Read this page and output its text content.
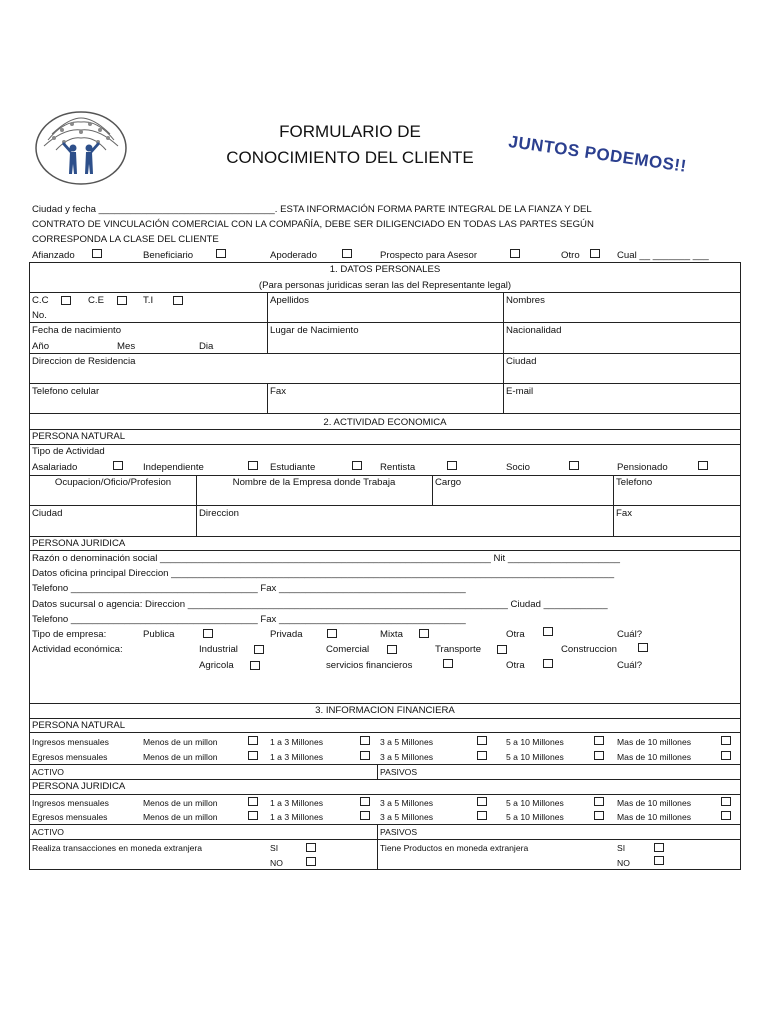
FORMULARIO DE
CONOCIMIENTO DEL CLIENTE	JUNTOS PODEMOS!!
Ciudad y fecha _________________________________. ESTA INFORMACIÓN FORMA PARTE INTEGRAL DE LA FIANZA Y DEL
CONTRATO DE VINCULACIÓN COMERCIAL CON LA COMPAÑÍA, DEBE SER DILIGENCIADO EN TODAS LAS PARTES SEGÚN
CORRESPONDA LA CLASE DEL CLIENTE
Afianzado	Beneficiario	Apoderado	Prospecto para Asesor	Otro	Cual __ _______ ___
1. DATOS PERSONALES
(Para personas juridicas seran las del Representante legal)
C.C	C.E	T.I
No.
Apellidos	Nombres
Fecha de nacimiento
Año	Mes	Dia
Lugar de Nacimiento	Nacionalidad
Direccion de Residencia	Ciudad
Telefono celular	Fax	E-mail
2. ACTIVIDAD ECONOMICA
PERSONA NATURAL
Tipo de Actividad
Asalariado	Independiente	Estudiante	Rentista	Socio	Pensionado
Ocupacion/Oficio/Profesion	Nombre de la Empresa donde Trabaja	Cargo	Telefono
Ciudad	Direccion	Fax
PERSONA JURIDICA
Razón o denominación social ______________________________________________________________ Nit _____________________
Datos oficina principal Direccion ___________________________________________________________________________________
Telefono ___________________________________ Fax ___________________________________
Datos sucursal o agencia: Direccion ____________________________________________________________ Ciudad ____________
Telefono ___________________________________ Fax ___________________________________
Tipo de empresa:	Publica	Privada	Mixta	Otra	Cuál?
Actividad económica:	Industrial	Comercial	Transporte	Construccion
Agricola	servicios financieros	Otra	Cuál?
3. INFORMACION FINANCIERA
PERSONA NATURAL
Ingresos mensuales	Menos de un millon	1 a 3 Millones	3 a 5 Millones	5 a 10 Millones	Mas de 10 millones
Egresos mensuales	Menos de un millon	1 a 3 Millones	3 a 5 Millones	5 a 10 Millones	Mas de 10 millones
ACTIVO	PASIVOS
PERSONA JURIDICA
Ingresos mensuales	Menos de un millon	1 a 3 Millones	3 a 5 Millones	5 a 10 Millones	Mas de 10 millones
Egresos mensuales	Menos de un millon	1 a 3 Millones	3 a 5 Millones	5 a 10 Millones	Mas de 10 millones
ACTIVO	PASIVOS
Realiza transacciones en moneda extranjera	SI
NO
Tiene Productos en moneda extranjera	SI
NO
